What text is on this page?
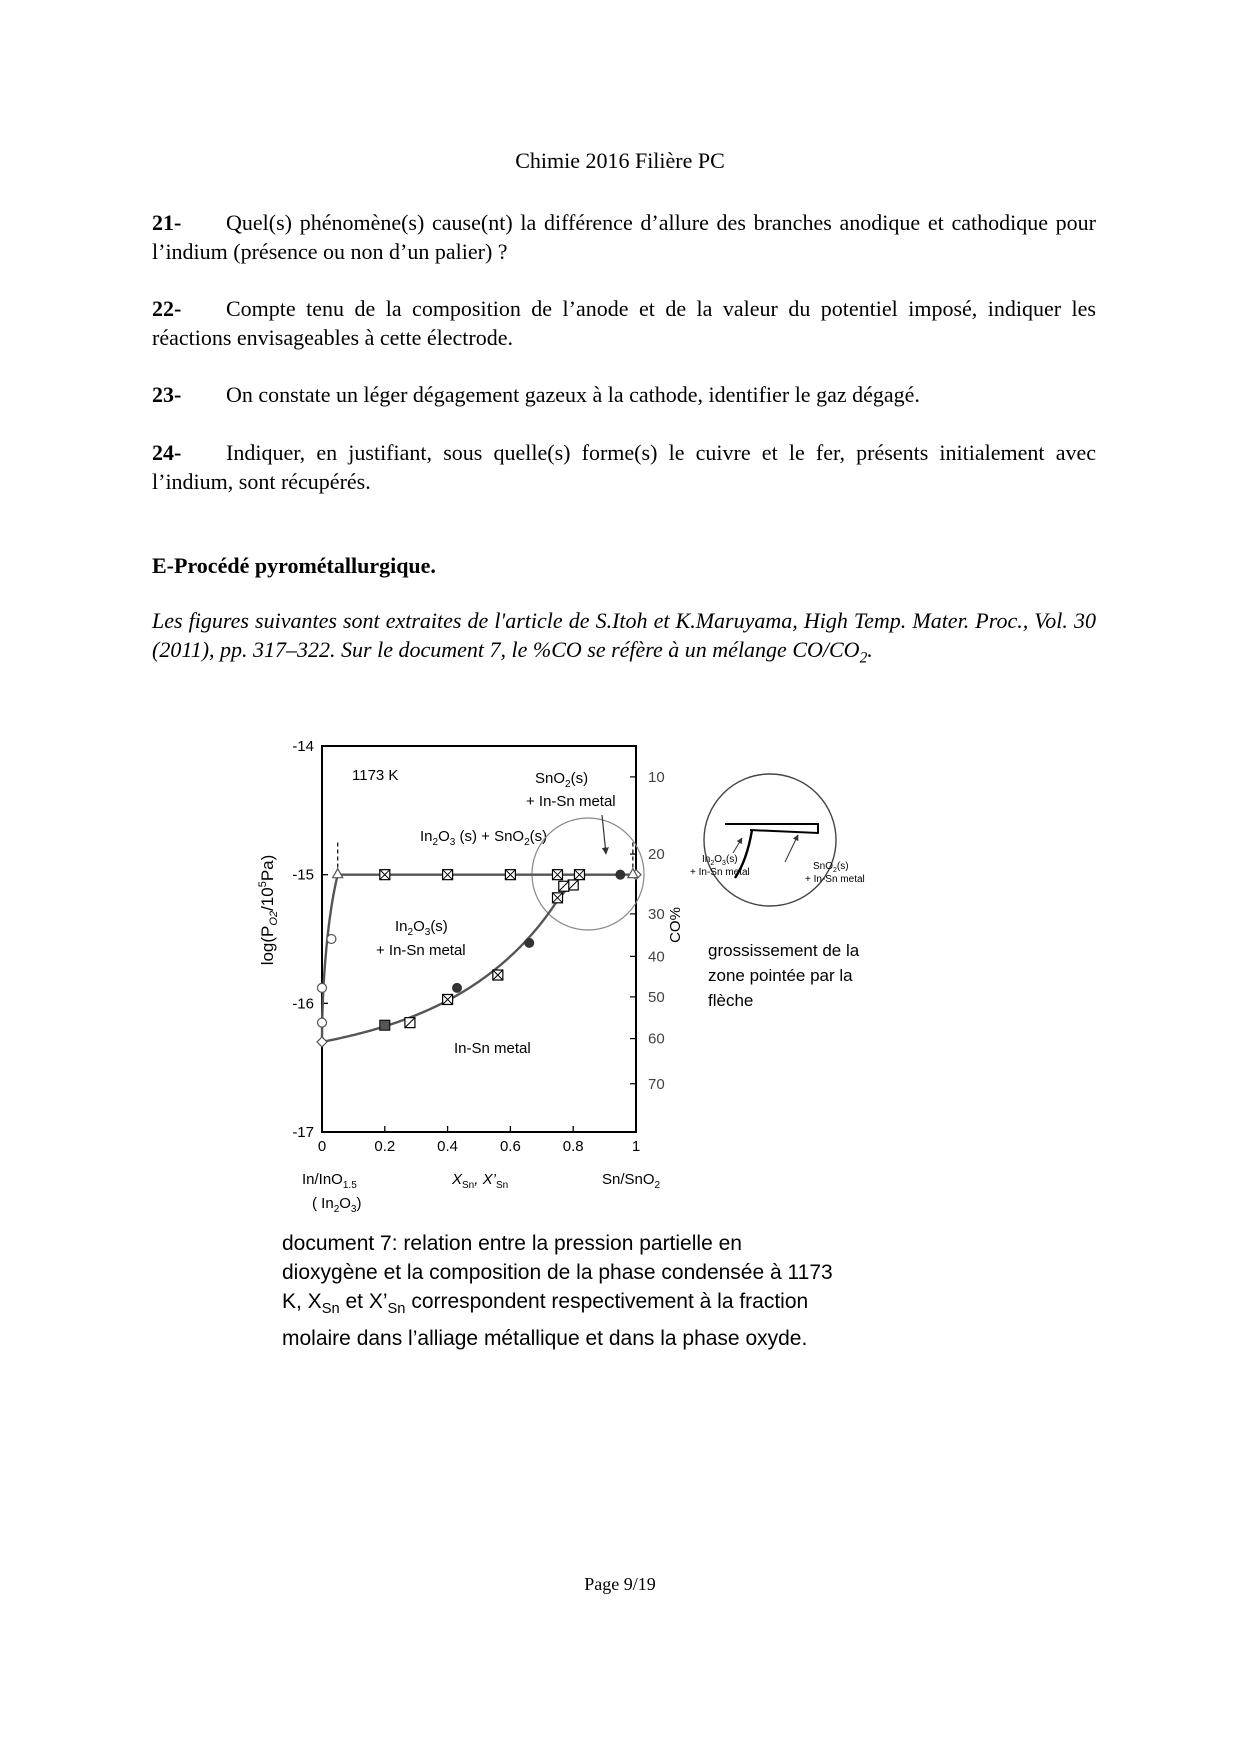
Chimie 2016 Filière PC
21- Quel(s) phénomène(s) cause(nt) la différence d’allure des branches anodique et cathodique pour l’indium (présence ou non d’un palier) ?
22- Compte tenu de la composition de l’anode et de la valeur du potentiel imposé, indiquer les réactions envisageables à cette électrode.
23- On constate un léger dégagement gazeux à la cathode, identifier le gaz dégagé.
24- Indiquer, en justifiant, sous quelle(s) forme(s) le cuivre et le fer, présents initialement avec l’indium, sont récupérés.
E-Procédé pyrométallurgique.
Les figures suivantes sont extraites de l'article de S.Itoh et K.Maruyama, High Temp. Mater. Proc., Vol. 30 (2011), pp. 317–322. Sur le document 7, le %CO se réfère à un mélange $CO/CO_2$.
0	0.2	0.4	0.6	0.8	1
-14
-15
-16
-17
10
20
30
40
50
60
70
1173 K	SnO$_2$(s)
+ In-Sn metal
$In_2O_3$ (s) + SnO$_2$(s)
$In_2O_3(s)$
+ In-Sn metal
In-Sn metal
$\log(P_{O2}/10^5Pa)$
CO%
In/InO$_{1.5}$
( $In_2O_3$)
$X_{Sn}$, $X’_{Sn}$	Sn/SnO$_2$
$In_2O_3(s)$
+ In-Sn metal
SnO$_2$(s)
+ In-Sn metal
grossissement de la zone pointée par la flèche
document 7: relation entre la pression partielle en dioxygène et la composition de la phase condensée à 1173 K, $X_{Sn}$ et $X’_{Sn}$ correspondent respectivement à la fraction molaire dans l’alliage métallique et dans la phase oxyde.
Page 9/19
